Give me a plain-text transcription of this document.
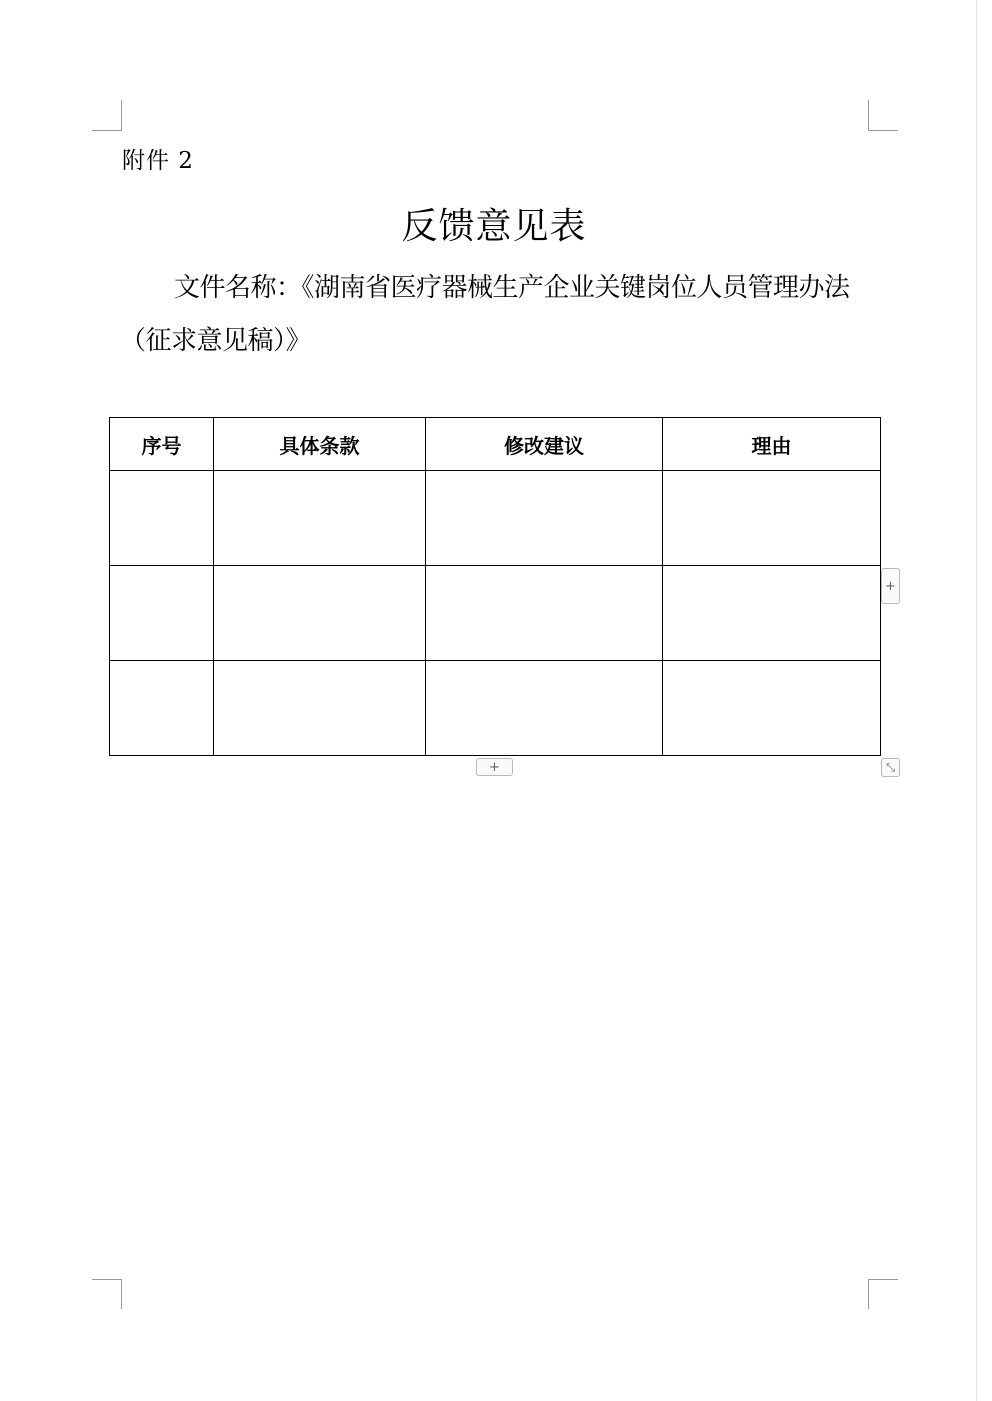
附件 2
反馈意见表
文件名称：《湖南省医疗器械生产企业关键岗位人员管理办法（征求意见稿）》
序号	具体条款	修改建议	理由

+
+	⤡
